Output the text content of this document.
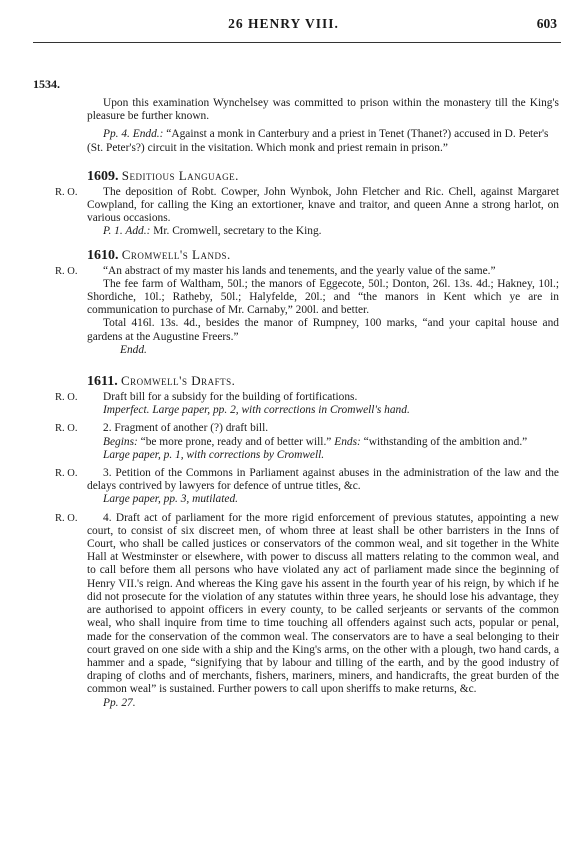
26 HENRY VIII.	603
1534.

Upon this examination Wynchelsey was committed to prison within the monastery till the King's pleasure be further known.

Pp. 4. Endd.: “Against a monk in Canterbury and a priest in Tenet (Thanet?) accused in D. Peter's (St. Peter's?) circuit in the visitation. Which monk and priest remain in prison.”

1609. Seditious Language.
R. O.	The deposition of Robt. Cowper, John Wynbok, John Fletcher and Ric. Chell, against Margaret Cowpland, for calling the King an extortioner, knave and traitor, and queen Anne a strong harlot, on various occasions.

P. 1. Add.: Mr. Cromwell, secretary to the King.

1610. Cromwell's Lands.
R. O.	“An abstract of my master his lands and tenements, and the yearly value of the same.”

The fee farm of Waltham, 50l.; the manors of Eggecote, 50l.; Donton, 26l. 13s. 4d.; Hakney, 10l.; Shordiche, 10l.; Ratheby, 50l.; Halyfelde, 20l.; and “the manors in Kent which ye are in communication to purchase of Mr. Carnaby,” 200l. and better.

Total 416l. 13s. 4d., besides the manor of Rumpney, 100 marks, “and your capital house and gardens at the Augustine Freers.”

Endd.

1611. Cromwell's Drafts.
R. O.	Draft bill for a subsidy for the building of fortifications.

Imperfect. Large paper, pp. 2, with corrections in Cromwell's hand.

R. O.	2. Fragment of another (?) draft bill.

Begins: “be more prone, ready and of better will.” Ends: “withstanding of the ambition and.”

Large paper, p. 1, with corrections by Cromwell.

R. O.	3. Petition of the Commons in Parliament against abuses in the administration of the law and the delays contrived by lawyers for defence of untrue titles, &c.

Large paper, pp. 3, mutilated.

R. O.	4. Draft act of parliament for the more rigid enforcement of previous statutes, appointing a new court, to consist of six discreet men, of whom three at least shall be other barristers in the Inns of Court, who shall be called justices or conservators of the common weal, and sit together in the White Hall at Westminster or elsewhere, with power to discuss all matters relating to the common weal, and to call before them all persons who have violated any act of parliament made since the beginning of Henry VII.'s reign. And whereas the King gave his assent in the fourth year of his reign, by which if he did not prosecute for the violation of any statutes within three years, he should lose his advantage, they are authorised to appoint officers in every county, to be called serjeants or servants of the common weal, who shall inquire from time to time touching all offenders against such acts, popular or penal, made for the conservation of the common weal. The conservators are to have a seal belonging to their court graved on one side with a ship and the King's arms, on the other with a plough, two hand cards, a hammer and a spade, “signifying that by labour and tilling of the earth, and by the good industry of draping of cloths and of merchants, fishers, mariners, miners, and handicrafts, the great burden of the common weal” is sustained. Further powers to call upon sheriffs to make returns, &c.

Pp. 27.
